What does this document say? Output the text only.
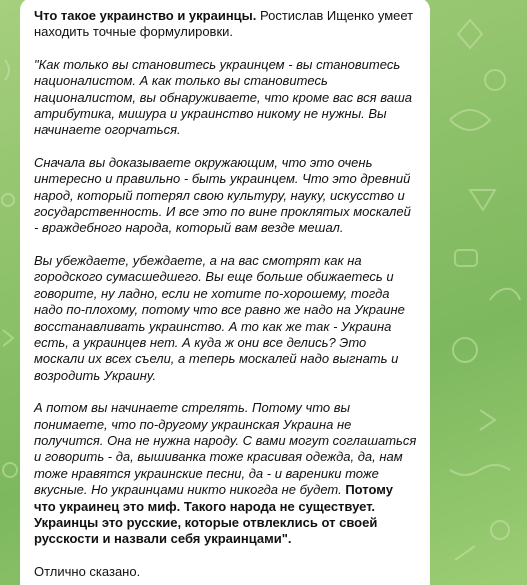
Что такое украинство и украинцы. Ростислав Ищенко умеет находить точные формулировки.

"Как только вы становитесь украинцем - вы становитесь националистом. А как только вы становитесь националистом, вы обнаруживаете, что кроме вас вся ваша атрибутика, мишура и украинство никому не нужны. Вы начинаете огорчаться.

Сначала вы доказываете окружающим, что это очень интересно и правильно - быть украинцем. Что это древний народ, который потерял свою культуру, науку, искусство и государственность. И все это по вине проклятых москалей - враждебного народа, который вам везде мешал.

Вы убеждаете, убеждаете, а на вас смотрят как на городского сумасшедшего. Вы еще больше обижаетесь и говорите, ну ладно, если не хотите по-хорошему, тогда надо по-плохому, потому что все равно же надо на Украине восстанавливать украинство. А то как же так - Украина есть, а украинцев нет. А куда ж они все делись? Это москали их всех съели, а теперь москалей надо выгнать и возродить Украину.

А потом вы начинаете стрелять. Потому что вы понимаете, что по-другому украинская Украина не получится. Она не нужна народу. С вами могут соглашаться и говорить - да, вышиванка тоже красивая одежда, да, нам тоже нравятся украинские песни, да - и вареники тоже вкусные. Но украинцами никто никогда не будет. Потому что украинец это миф. Такого народа не существует. Украинцы это русские, которые отвлеклись от своей русскости и назвали себя украинцами".

Отлично сказано.
